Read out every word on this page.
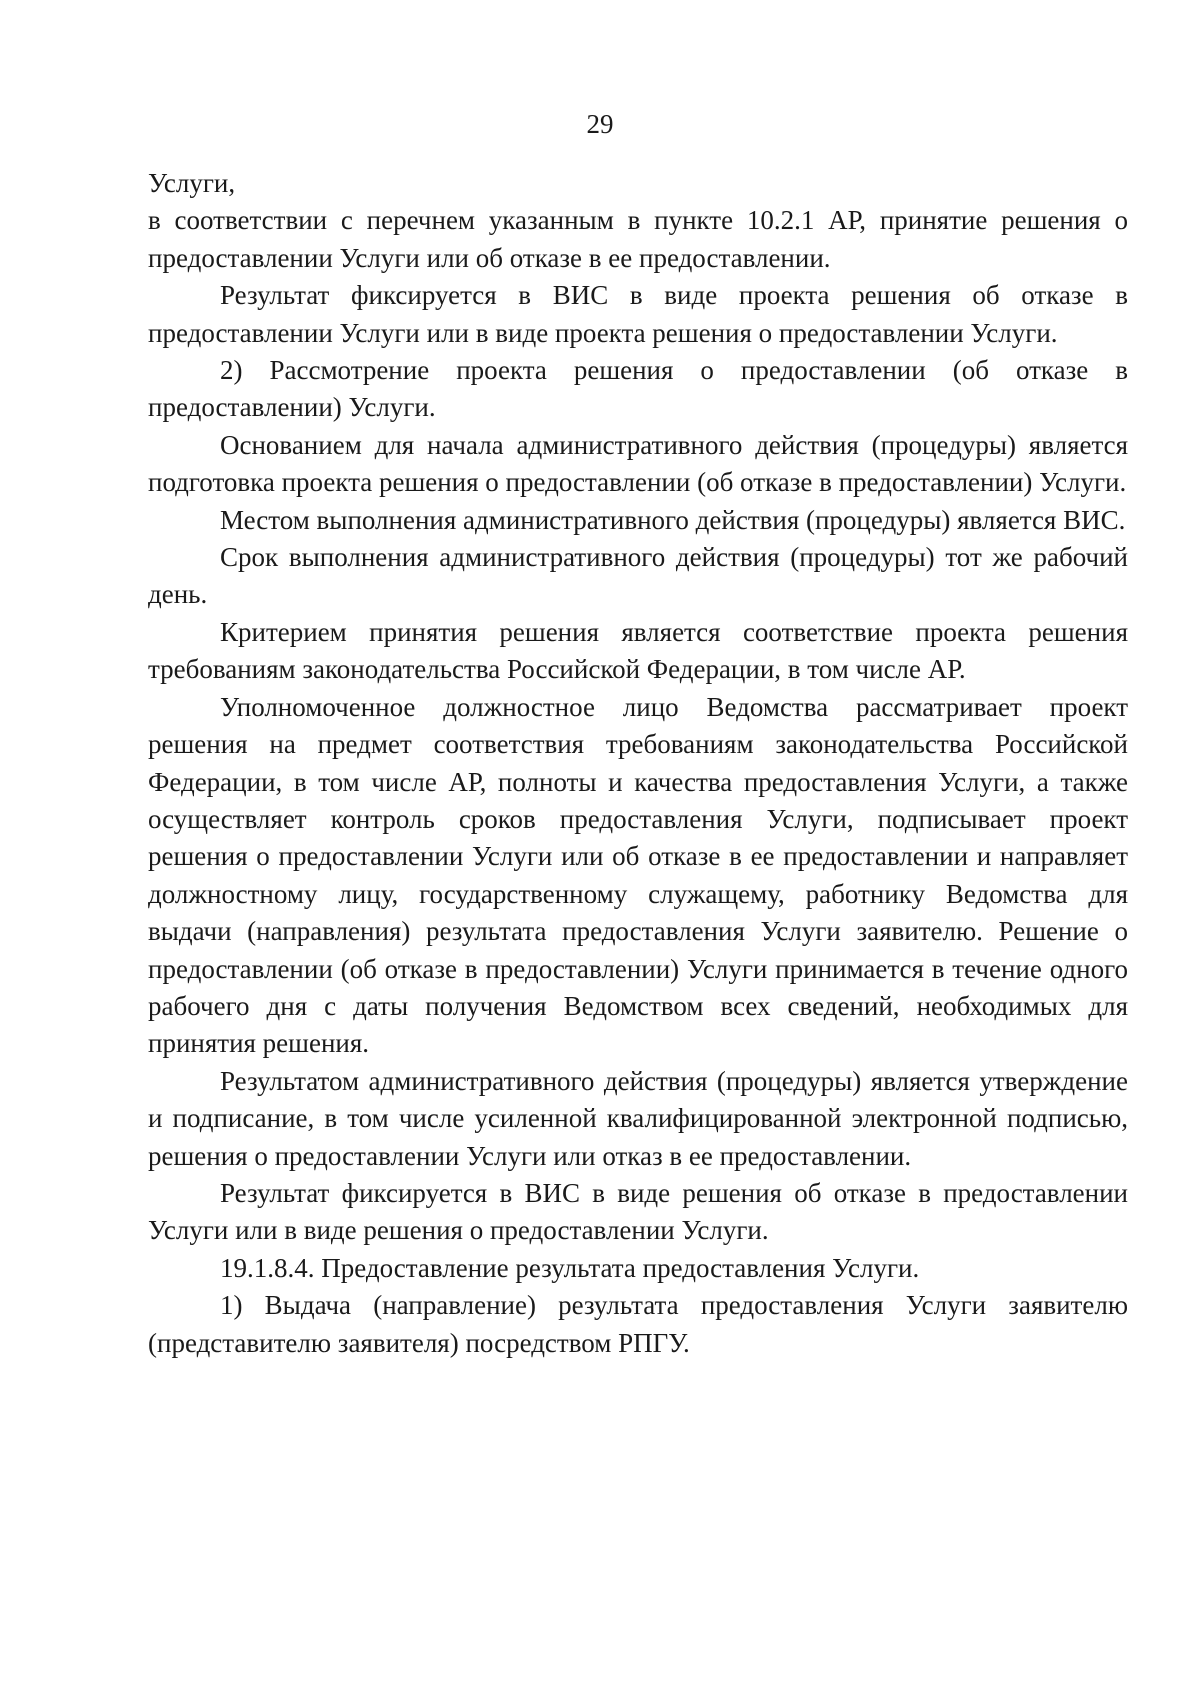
29

Услуги,

в соответствии с перечнем указанным в пункте 10.2.1 АР, принятие решения о предоставлении Услуги или об отказе в ее предоставлении.

Результат фиксируется в ВИС в виде проекта решения об отказе в предоставлении Услуги или в виде проекта решения о предоставлении Услуги.

2) Рассмотрение проекта решения о предоставлении (об отказе в предоставлении) Услуги.

Основанием для начала административного действия (процедуры) является подготовка проекта решения о предоставлении (об отказе в предоставлении) Услуги.

Местом выполнения административного действия (процедуры) является ВИС.

Срок выполнения административного действия (процедуры) тот же рабочий день.

Критерием принятия решения является соответствие проекта решения требованиям законодательства Российской Федерации, в том числе АР.

Уполномоченное должностное лицо Ведомства рассматривает проект решения на предмет соответствия требованиям законодательства Российской Федерации, в том числе АР, полноты и качества предоставления Услуги, а также осуществляет контроль сроков предоставления Услуги, подписывает проект решения о предоставлении Услуги или об отказе в ее предоставлении и направляет должностному лицу, государственному служащему, работнику Ведомства для выдачи (направления) результата предоставления Услуги заявителю. Решение о предоставлении (об отказе в предоставлении) Услуги принимается в течение одного рабочего дня с даты получения Ведомством всех сведений, необходимых для принятия решения.

Результатом административного действия (процедуры) является утверждение и подписание, в том числе усиленной квалифицированной электронной подписью, решения о предоставлении Услуги или отказ в ее предоставлении.

Результат фиксируется в ВИС в виде решения об отказе в предоставлении Услуги или в виде решения о предоставлении Услуги.

19.1.8.4. Предоставление результата предоставления Услуги.

1) Выдача (направление) результата предоставления Услуги заявителю (представителю заявителя) посредством РПГУ.
